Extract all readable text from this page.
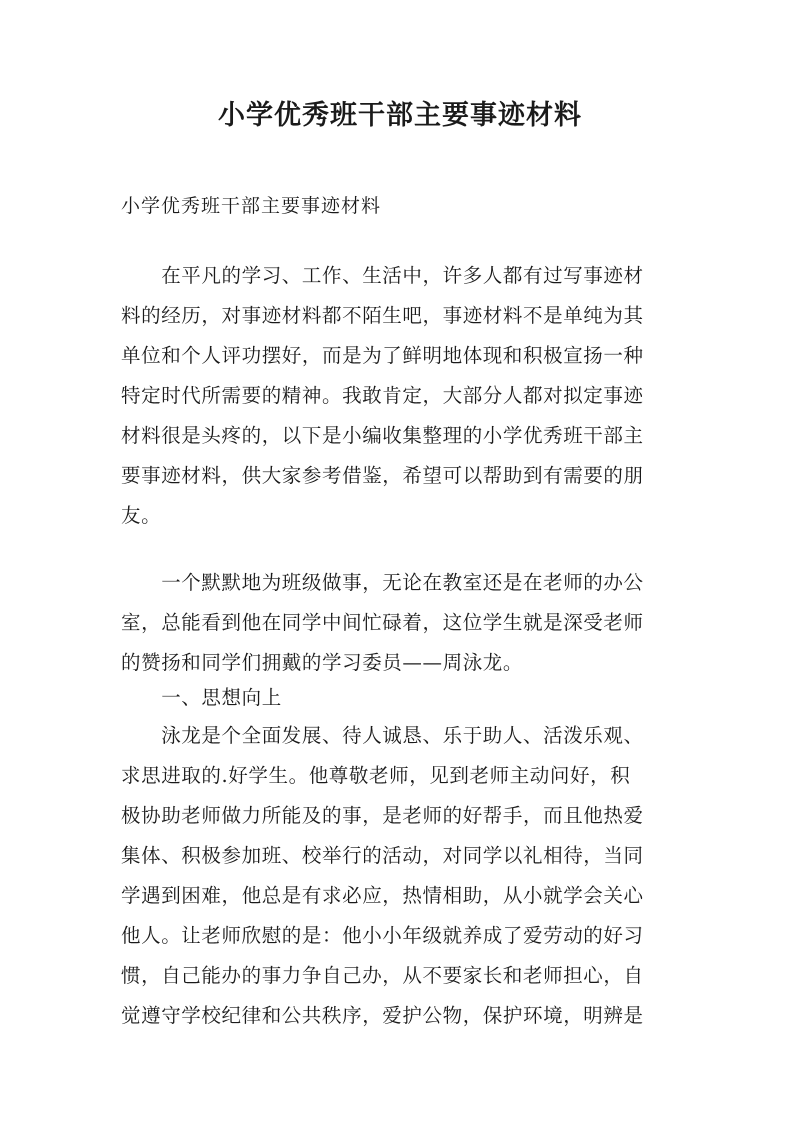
小学优秀班干部主要事迹材料
小学优秀班干部主要事迹材料
　　在平凡的学习、工作、生活中，许多人都有过写事迹材
料的经历，对事迹材料都不陌生吧，事迹材料不是单纯为其
单位和个人评功摆好，而是为了鲜明地体现和积极宣扬一种
特定时代所需要的精神。我敢肯定，大部分人都对拟定事迹
材料很是头疼的，以下是小编收集整理的小学优秀班干部主
要事迹材料，供大家参考借鉴，希望可以帮助到有需要的朋
友。
　　一个默默地为班级做事，无论在教室还是在老师的办公
室，总能看到他在同学中间忙碌着，这位学生就是深受老师
的赞扬和同学们拥戴的学习委员——周泳龙。
　　一、思想向上
　　泳龙是个全面发展、待人诚恳、乐于助人、活泼乐观、
求思进取的.好学生。他尊敬老师，见到老师主动问好，积
极协助老师做力所能及的事，是老师的好帮手，而且他热爱
集体、积极参加班、校举行的活动，对同学以礼相待，当同
学遇到困难，他总是有求必应，热情相助，从小就学会关心
他人。让老师欣慰的是：他小小年级就养成了爱劳动的好习
惯，自己能办的事力争自己办，从不要家长和老师担心，自
觉遵守学校纪律和公共秩序，爱护公物，保护环境，明辨是
